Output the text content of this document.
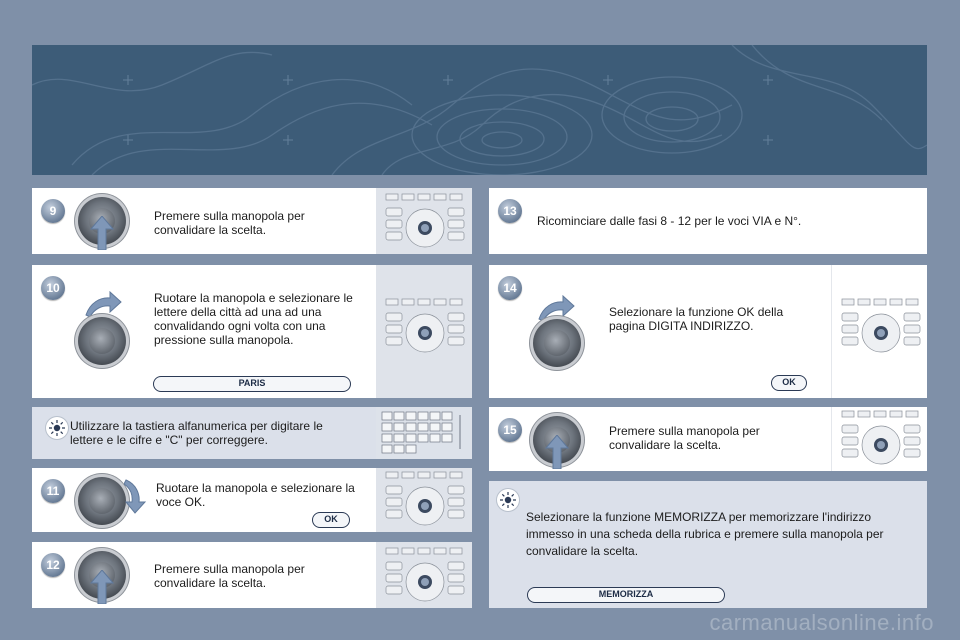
9	Premere sulla manopola per
convalidare la scelta.
10
Ruotare la manopola e selezionare le
lettere della città ad una ad una
convalidando ogni volta con una
pressione sulla manopola.
PARIS
Utilizzare la tastiera alfanumerica per digitare le
lettere e le cifre e "C" per correggere.
11	Ruotare la manopola e selezionare la
voce OK.
OK
12	Premere sulla manopola per
convalidare la scelta.
13
Ricominciare dalle fasi 8 - 12 per le voci VIA e N°.
14
Selezionare la funzione OK della
pagina DIGITA INDIRIZZO.
OK
15	Premere sulla manopola per
convalidare la scelta.
Selezionare la funzione MEMORIZZA per memorizzare l'indirizzo
immesso in una scheda della rubrica e premere sulla manopola per
convalidare la scelta.
MEMORIZZA
carmanualsonline.info
